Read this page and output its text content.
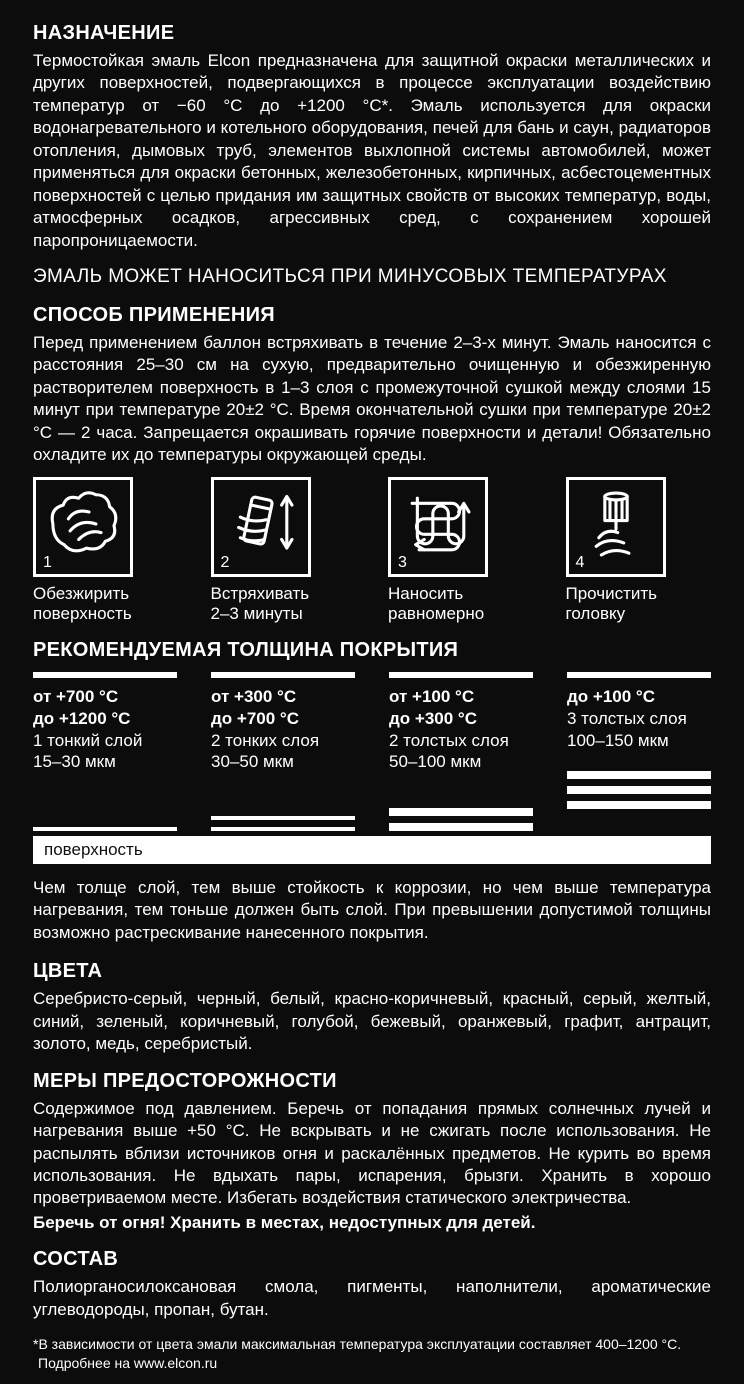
НАЗНАЧЕНИЕ

Термостойкая эмаль Elcon предназначена для защитной окраски металлических и других поверхностей, подвергающихся в процессе эксплуатации воздействию температур от −60 °C до +1200 °C*. Эмаль используется для окраски водонагревательного и котельного оборудования, печей для бань и саун, радиаторов отопления, дымовых труб, элементов выхлопной системы автомобилей, может применяться для окраски бетонных, железобетонных, кирпичных, асбестоцементных поверхностей с целью придания им защитных свойств от высоких температур, воды, атмосферных осадков, агрессивных сред, с сохранением хорошей паропроницаемости.

ЭМАЛЬ МОЖЕТ НАНОСИТЬСЯ ПРИ МИНУСОВЫХ ТЕМПЕРАТУРАХ

СПОСОБ ПРИМЕНЕНИЯ

Перед применением баллон встряхивать в течение 2–3-х минут. Эмаль наносится с расстояния 25–30 см на сухую, предварительно очищенную и обезжиренную растворителем поверхность в 1–3 слоя с промежуточной сушкой между слоями 15 минут при температуре 20±2 °C. Время окончательной сушки при температуре 20±2 °C — 2 часа. Запрещается окрашивать горячие поверхности и детали! Обязательно охладите их до температуры окружающей среды.

1
Обезжирить поверхность
2
Встряхивать 2–3 минуты
3
Наносить равномерно
4
Прочистить головку
РЕКОМЕНДУЕМАЯ ТОЛЩИНА ПОКРЫТИЯ
от +700 °C
до +1200 °C
1 тонкий слой
15–30 мкм
от +300 °C
до +700 °C
2 тонких слоя
30–50 мкм
от +100 °C
до +300 °C
2 толстых слоя
50–100 мкм
до +100 °C
3 толстых слоя
100–150 мкм
поверхность

Чем толще слой, тем выше стойкость к коррозии, но чем выше температура нагревания, тем тоньше должен быть слой. При превышении допустимой толщины возможно растрескивание нанесенного покрытия.

ЦВЕТА

Серебристо-серый, черный, белый, красно-коричневый, красный, серый, желтый, синий, зеленый, коричневый, голубой, бежевый, оранжевый, графит, антрацит, золото, медь, серебристый.

МЕРЫ ПРЕДОСТОРОЖНОСТИ

Содержимое под давлением. Беречь от попадания прямых солнечных лучей и нагревания выше +50 °C. Не вскрывать и не сжигать после использования. Не распылять вблизи источников огня и раскалённых предметов. Не курить во время использования. Не вдыхать пары, испарения, брызги. Хранить в хорошо проветриваемом месте. Избегать воздействия статического электричества.

Беречь от огня! Хранить в местах, недоступных для детей.

СОСТАВ

Полиорганосилоксановая смола, пигменты, наполнители, ароматические углеводороды, пропан, бутан.

*В зависимости от цвета эмали максимальная температура эксплуатации составляет 400–1200 °C.

Подробнее на www.elcon.ru
